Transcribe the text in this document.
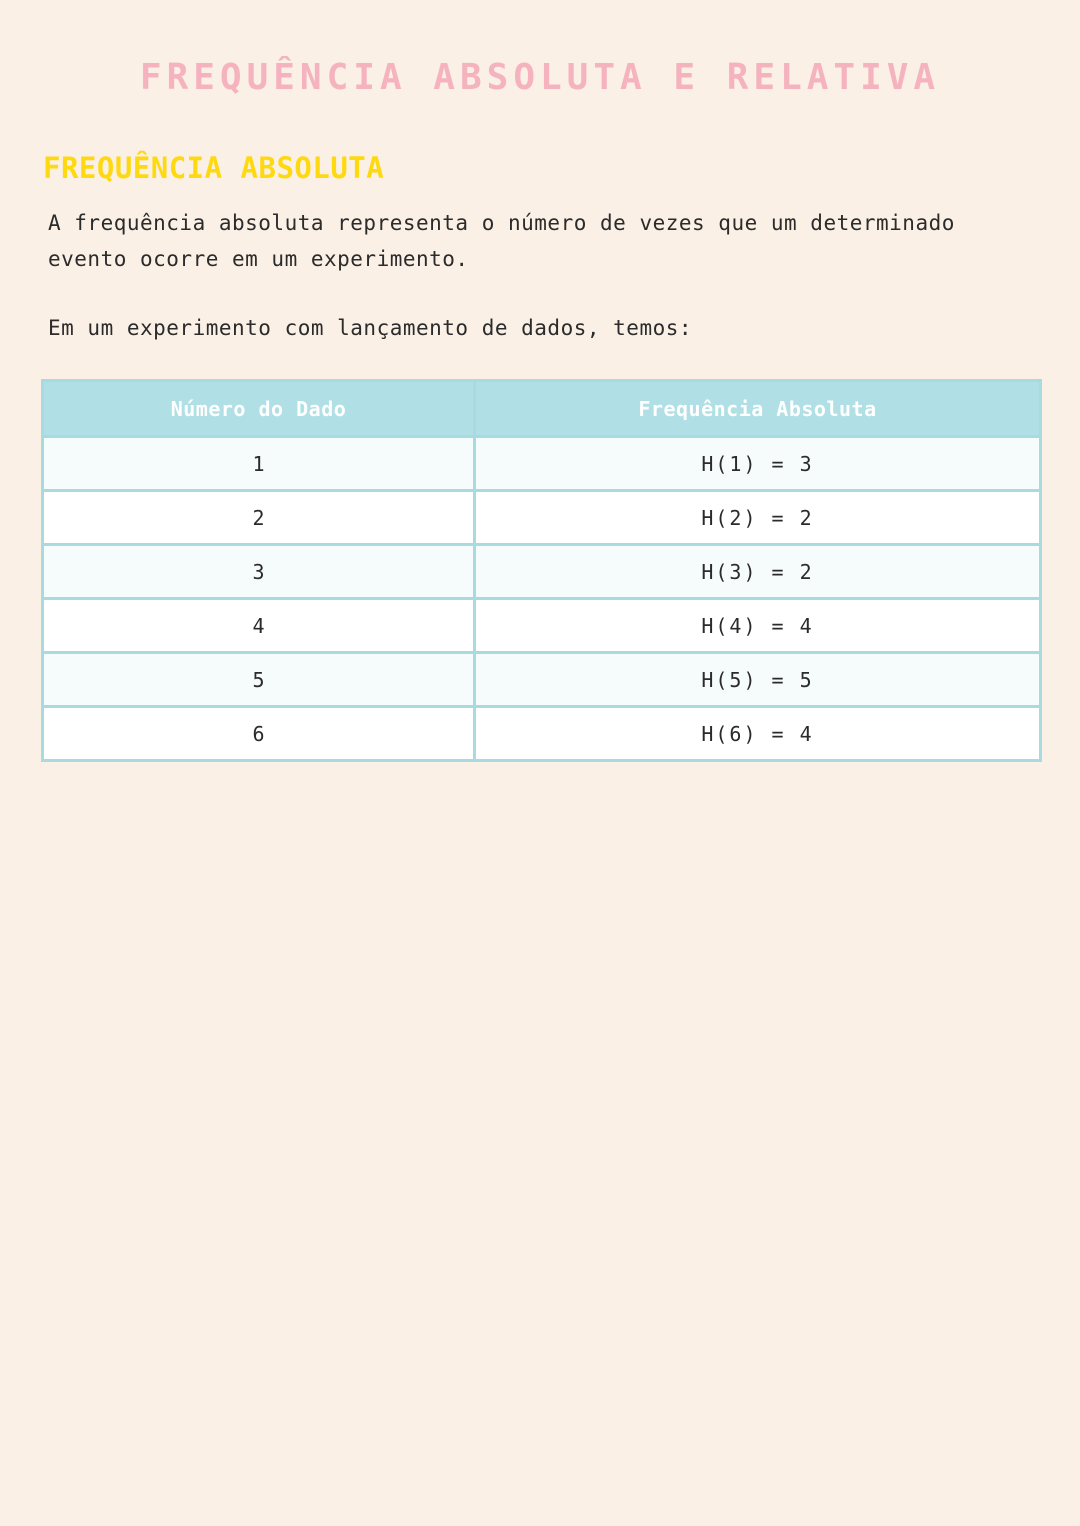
FREQUÊNCIA ABSOLUTA E RELATIVA
FREQUÊNCIA ABSOLUTA

A frequência absoluta representa o número de vezes que um determinado evento ocorre em um experimento.

Em um experimento com lançamento de dados, temos:

Número do Dado	Frequência Absoluta
1	H(1) = 3
2	H(2) = 2
3	H(3) = 2
4	H(4) = 4
5	H(5) = 5
6	H(6) = 4
